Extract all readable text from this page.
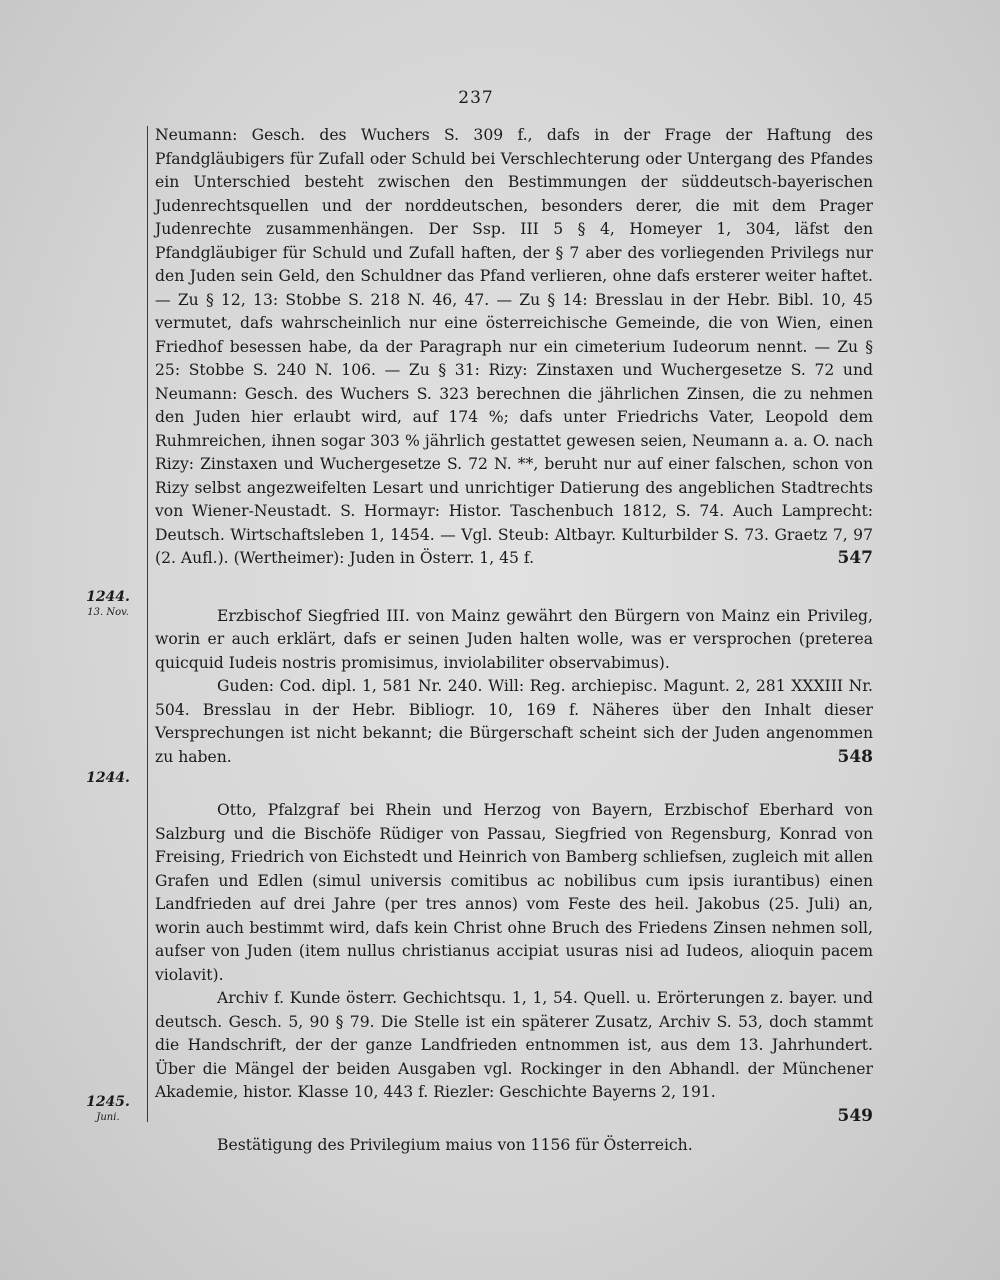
237
1244.
13. Nov.
1244.
1245.
Juni.

Neumann: Gesch. des Wuchers S. 309 f., dafs in der Frage der Haftung des Pfandgläubigers für Zufall oder Schuld bei Verschlechterung oder Untergang des Pfandes ein Unterschied besteht zwischen den Bestimmungen der süddeutsch-bayerischen Judenrechtsquellen und der norddeutschen, besonders derer, die mit dem Prager Judenrechte zusammenhängen. Der Ssp. III 5 § 4, Homeyer 1, 304, läfst den Pfandgläubiger für Schuld und Zufall haften, der § 7 aber des vorliegenden Privilegs nur den Juden sein Geld, den Schuldner das Pfand verlieren, ohne dafs ersterer weiter haftet. — Zu § 12, 13: Stobbe S. 218 N. 46, 47. — Zu § 14: Bresslau in der Hebr. Bibl. 10, 45 vermutet, dafs wahrscheinlich nur eine österreichische Gemeinde, die von Wien, einen Friedhof besessen habe, da der Paragraph nur ein cimeterium Iudeorum nennt. — Zu § 25: Stobbe S. 240 N. 106. — Zu § 31: Rizy: Zinstaxen und Wuchergesetze S. 72 und Neumann: Gesch. des Wuchers S. 323 berechnen die jährlichen Zinsen, die zu nehmen den Juden hier erlaubt wird, auf 174 %; dafs unter Friedrichs Vater, Leopold dem Ruhmreichen, ihnen sogar 303 % jährlich gestattet gewesen seien, Neumann a. a. O. nach Rizy: Zinstaxen und Wuchergesetze S. 72 N. **, beruht nur auf einer falschen, schon von Rizy selbst angezweifelten Lesart und unrichtiger Datierung des angeblichen Stadtrechts von Wiener-Neustadt. S. Hormayr: Histor. Taschenbuch 1812, S. 74. Auch Lamprecht: Deutsch. Wirtschaftsleben 1, 1454. — Vgl. Steub: Altbayr. Kulturbilder S. 73. Graetz 7, 97 (2. Aufl.). (Wertheimer): Juden in Österr. 1, 45 f.	547

Erzbischof Siegfried III. von Mainz gewährt den Bürgern von Mainz ein Privileg, worin er auch erklärt, dafs er seinen Juden halten wolle, was er versprochen (preterea quicquid Iudeis nostris promisimus, inviolabiliter observabimus).

Guden: Cod. dipl. 1, 581 Nr. 240. Will: Reg. archiepisc. Magunt. 2, 281 XXXIII Nr. 504. Bresslau in der Hebr. Bibliogr. 10, 169 f. Näheres über den Inhalt dieser Versprechungen ist nicht bekannt; die Bürgerschaft scheint sich der Juden angenommen zu haben.	548

Otto, Pfalzgraf bei Rhein und Herzog von Bayern, Erzbischof Eberhard von Salzburg und die Bischöfe Rüdiger von Passau, Siegfried von Regensburg, Konrad von Freising, Friedrich von Eichstedt und Heinrich von Bamberg schliefsen, zugleich mit allen Grafen und Edlen (simul universis comitibus ac nobilibus cum ipsis iurantibus) einen Landfrieden auf drei Jahre (per tres annos) vom Feste des heil. Jakobus (25. Juli) an, worin auch bestimmt wird, dafs kein Christ ohne Bruch des Friedens Zinsen nehmen soll, aufser von Juden (item nullus christianus accipiat usuras nisi ad Iudeos, alioquin pacem violavit).

Archiv f. Kunde österr. Gechichtsqu. 1, 1, 54. Quell. u. Erörterungen z. bayer. und deutsch. Gesch. 5, 90 § 79. Die Stelle ist ein späterer Zusatz, Archiv S. 53, doch stammt die Handschrift, der der ganze Landfrieden entnommen ist, aus dem 13. Jahrhundert. Über die Mängel der beiden Ausgaben vgl. Rockinger in den Abhandl. der Münchener Akademie, histor. Klasse 10, 443 f. Riezler: Geschichte Bayerns 2, 191.

549

Bestätigung des Privilegium maius von 1156 für Österreich.
